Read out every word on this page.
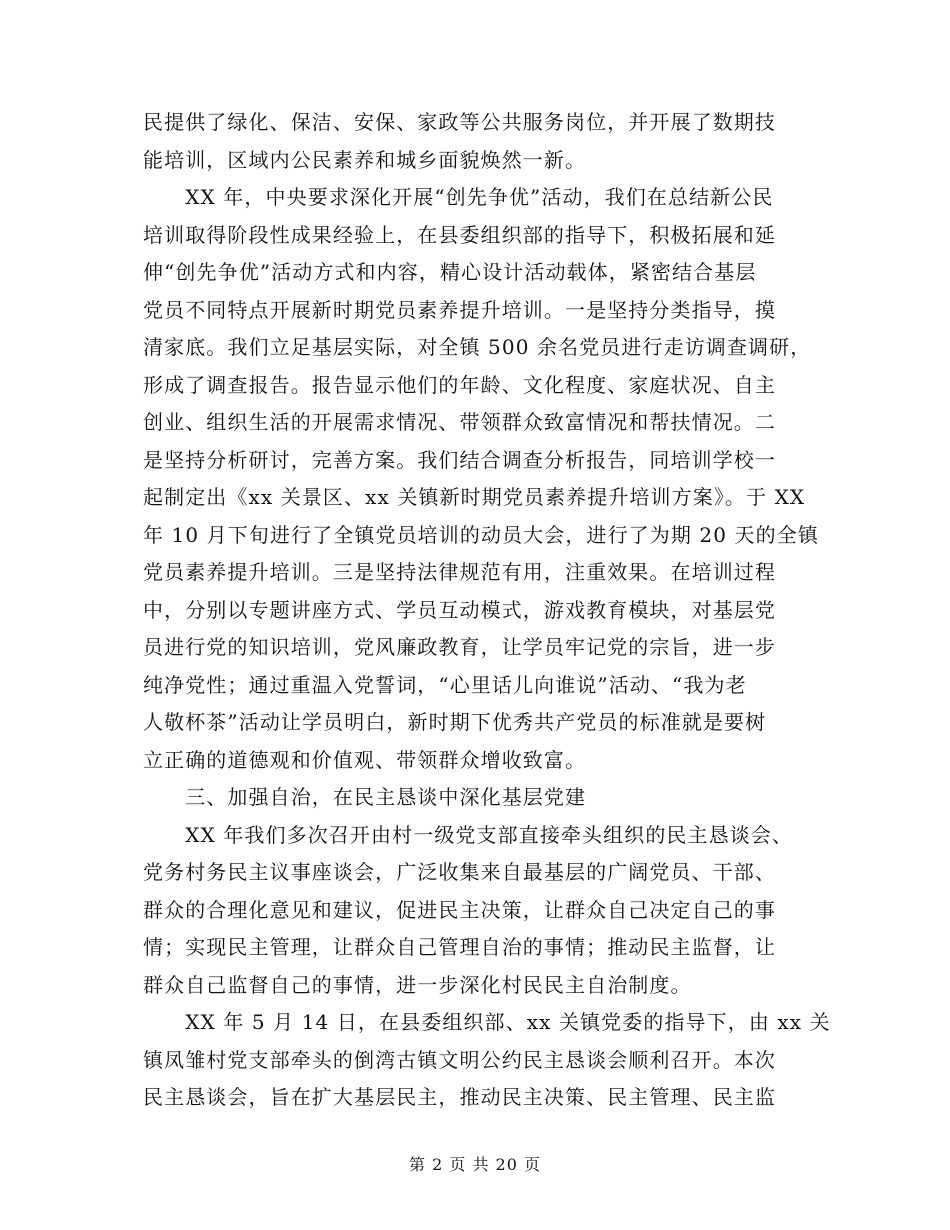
民提供了绿化、保洁、安保、家政等公共服务岗位，并开展了数期技
能培训，区域内公民素养和城乡面貌焕然一新。
　　XX 年，中央要求深化开展“创先争优”活动，我们在总结新公民
培训取得阶段性成果经验上，在县委组织部的指导下，积极拓展和延
伸“创先争优”活动方式和内容，精心设计活动载体，紧密结合基层
党员不同特点开展新时期党员素养提升培训。一是坚持分类指导，摸
清家底。我们立足基层实际，对全镇 500 余名党员进行走访调查调研，
形成了调查报告。报告显示他们的年龄、文化程度、家庭状况、自主
创业、组织生活的开展需求情况、带领群众致富情况和帮扶情况。二
是坚持分析研讨，完善方案。我们结合调查分析报告，同培训学校一
起制定出《xx 关景区、xx 关镇新时期党员素养提升培训方案》。于 XX
年 10 月下旬进行了全镇党员培训的动员大会，进行了为期 20 天的全镇
党员素养提升培训。三是坚持法律规范有用，注重效果。在培训过程
中，分别以专题讲座方式、学员互动模式，游戏教育模块，对基层党
员进行党的知识培训，党风廉政教育，让学员牢记党的宗旨，进一步
纯净党性；通过重温入党誓词，“心里话儿向谁说”活动、“我为老
人敬杯茶”活动让学员明白，新时期下优秀共产党员的标准就是要树
立正确的道德观和价值观、带领群众增收致富。
　　三、加强自治，在民主恳谈中深化基层党建
　　XX 年我们多次召开由村一级党支部直接牵头组织的民主恳谈会、
党务村务民主议事座谈会，广泛收集来自最基层的广阔党员、干部、
群众的合理化意见和建议，促进民主决策，让群众自己决定自己的事
情；实现民主管理，让群众自己管理自治的事情；推动民主监督，让
群众自己监督自己的事情，进一步深化村民民主自治制度。
　　XX 年 5 月 14 日，在县委组织部、xx 关镇党委的指导下，由 xx 关
镇凤雏村党支部牵头的倒湾古镇文明公约民主恳谈会顺利召开。本次
民主恳谈会，旨在扩大基层民主，推动民主决策、民主管理、民主监
第 2 页 共 20 页
